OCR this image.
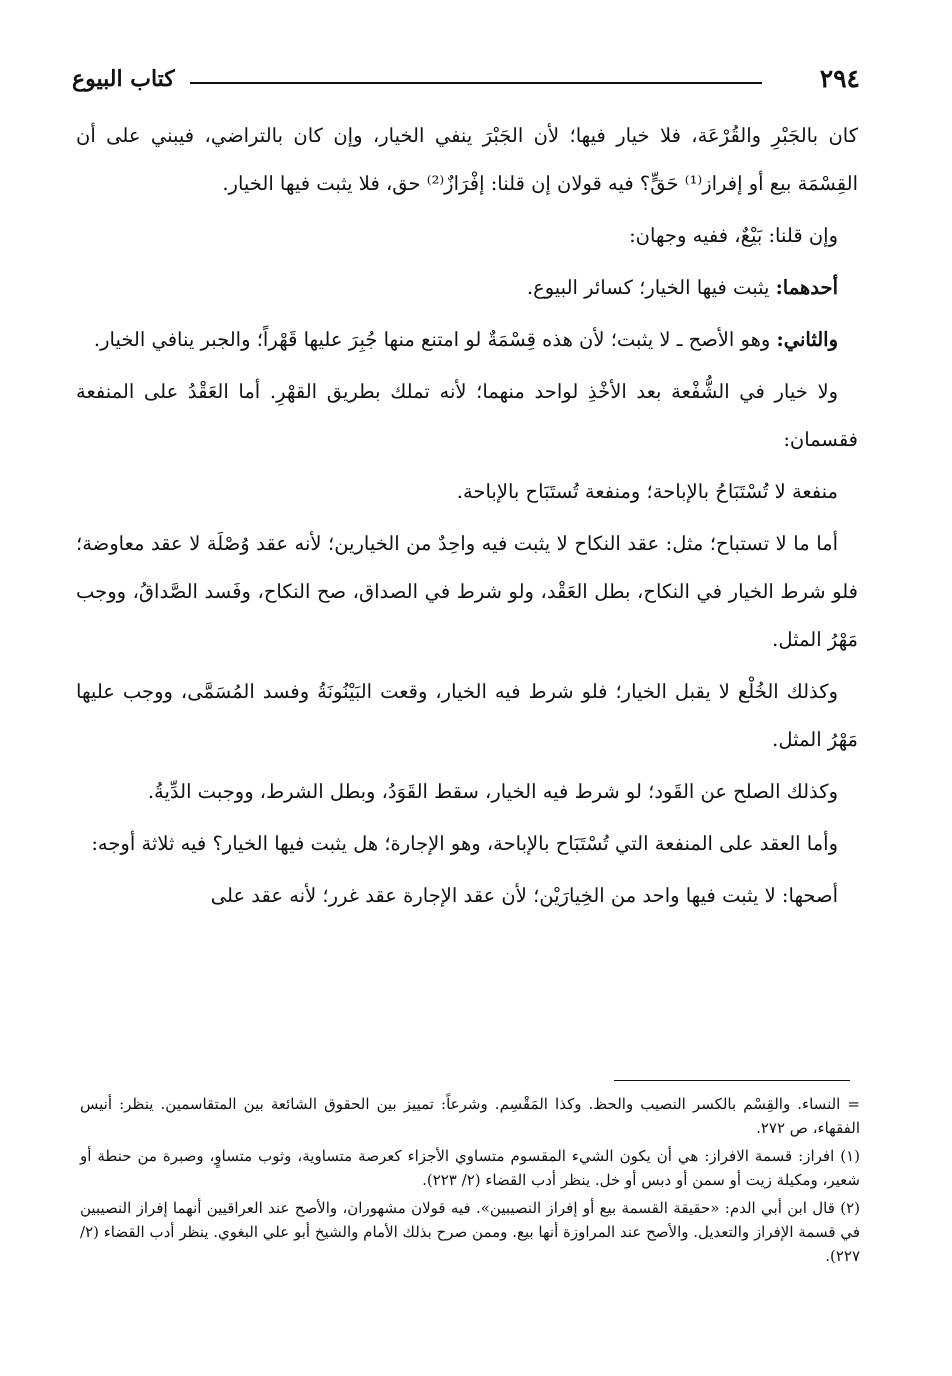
٢٩٤
كتاب البيوع

كان بالجَبْرِ والقُرْعَة، فلا خيار فيها؛ لأن الجَبْرَ ينفي الخيار، وإن كان بالتراضي، فيبني على أن القِسْمَة بيع أو إفراز⁽¹⁾ حَقٍّ؟ فيه قولان إن قلنا: إفْرَازٌ⁽²⁾ حق، فلا يثبت فيها الخيار.

وإن قلنا: بَيْعٌ، ففيه وجهان:

أحدهما: يثبت فيها الخيار؛ كسائر البيوع.

والثاني: وهو الأصح ـ لا يثبت؛ لأن هذه قِسْمَةٌ لو امتنع منها جُبِرَ عليها قَهْراً؛ والجبر ينافي الخيار.

ولا خيار في الشُّفْعة بعد الأخْذِ لواحد منهما؛ لأنه تملك بطريق القهْرِ. أما العَقْدُ على المنفعة فقسمان:

منفعة لا تُسْتَبَاحُ بالإباحة؛ ومنفعة تُستَبَاح بالإباحة.

أما ما لا تستباح؛ مثل: عقد النكاح لا يثبت فيه واحِدٌ من الخيارين؛ لأنه عقد وُصْلَة لا عقد معاوضة؛ فلو شرط الخيار في النكاح، بطل العَقْد، ولو شرط في الصداق، صح النكاح، وفَسد الصَّداقُ، ووجب مَهْرُ المثل.

وكذلك الخُلْع لا يقبل الخيار؛ فلو شرط فيه الخيار، وقعت البَيْنُونَةُ وفسد المُسَمَّى، ووجب عليها مَهْرُ المثل.

وكذلك الصلح عن القَود؛ لو شرط فيه الخيار، سقط القَوَدُ، وبطل الشرط، ووجبت الدِّيةُ.

وأما العقد على المنفعة التي تُسْتَبَاح بالإباحة، وهو الإجارة؛ هل يثبت فيها الخيار؟ فيه ثلاثة أوجه:

أصحها: لا يثبت فيها واحد من الخِيارَيْن؛ لأن عقد الإجارة عقد غرر؛ لأنه عقد على

= النساء. والقِسْم بالكسر النصيب والحظ. وكذا المَقْسِم. وشرعاً: تمييز بين الحقوق الشائعة بين المتقاسمين. ينظر: أنيس الفقهاء، ص ٢٧٢.

(١) افراز: قسمة الافراز: هي أن يكون الشيء المقسوم متساوي الأجزاء كعرصة متساوية، وثوب متساوٍ، وصبرة من حنطة أو شعير، ومكيلة زيت أو سمن أو دبس أو خل. ينظر أدب القضاء (٢/ ٢٢٣).

(٢) قال ابن أبي الدم: «حقيقة القسمة بيع أو إفراز النصيبين». فيه قولان مشهوران، والأصح عند العراقيين أنهما إفراز النصيبين في قسمة الإفراز والتعديل. والأصح عند المراوزة أنها بيع. وممن صرح بذلك الأمام والشيخ أبو علي البغوي. ينظر أدب القضاء (٢/ ٢٢٧).
